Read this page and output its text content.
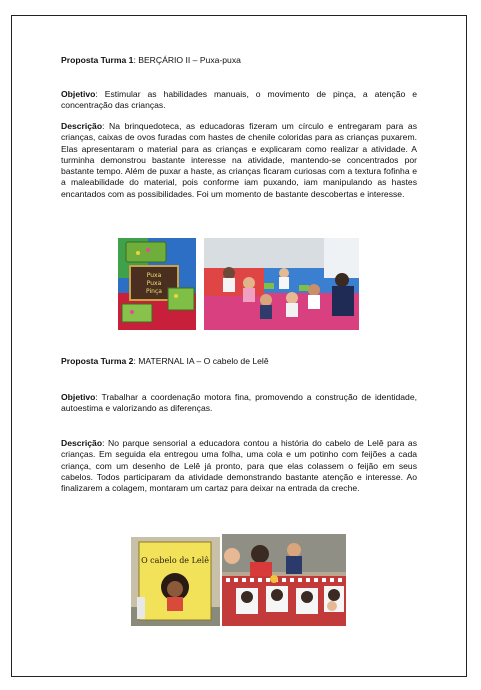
Proposta Turma 1: BERÇÁRIO II – Puxa-puxa
Objetivo: Estimular as habilidades manuais, o movimento de pinça, a atenção e concentração das crianças.
Descrição: Na brinquedoteca, as educadoras fizeram um círculo e entregaram para as crianças, caixas de ovos furadas com hastes de chenile coloridas para as crianças puxarem. Elas apresentaram o material para as crianças e explicaram como realizar a atividade. A turminha demonstrou bastante interesse na atividade, mantendo-se concentrados por bastante tempo. Além de puxar a haste, as crianças ficaram curiosas com a textura fofinha e a maleabilidade do material, pois conforme iam puxando, iam manipulando as hastes encantados com as possibilidades. Foi um momento de bastante descobertas e interesse.
Puxa
Puxa
Pinça
Proposta Turma 2: MATERNAL IA – O cabelo de Lelê
Objetivo: Trabalhar a coordenação motora fina, promovendo a construção de identidade, autoestima e valorizando as diferenças.
Descrição: No parque sensorial a educadora contou a história do cabelo de Lelê para as crianças. Em seguida ela entregou uma folha, uma cola e um potinho com feijões a cada criança, com um desenho de Lelê já pronto, para que elas colassem o feijão em seus cabelos. Todos participaram da atividade demonstrando bastante atenção e interesse. Ao finalizarem a colagem, montaram um cartaz para deixar na entrada da creche.
O cabelo de Lelê
